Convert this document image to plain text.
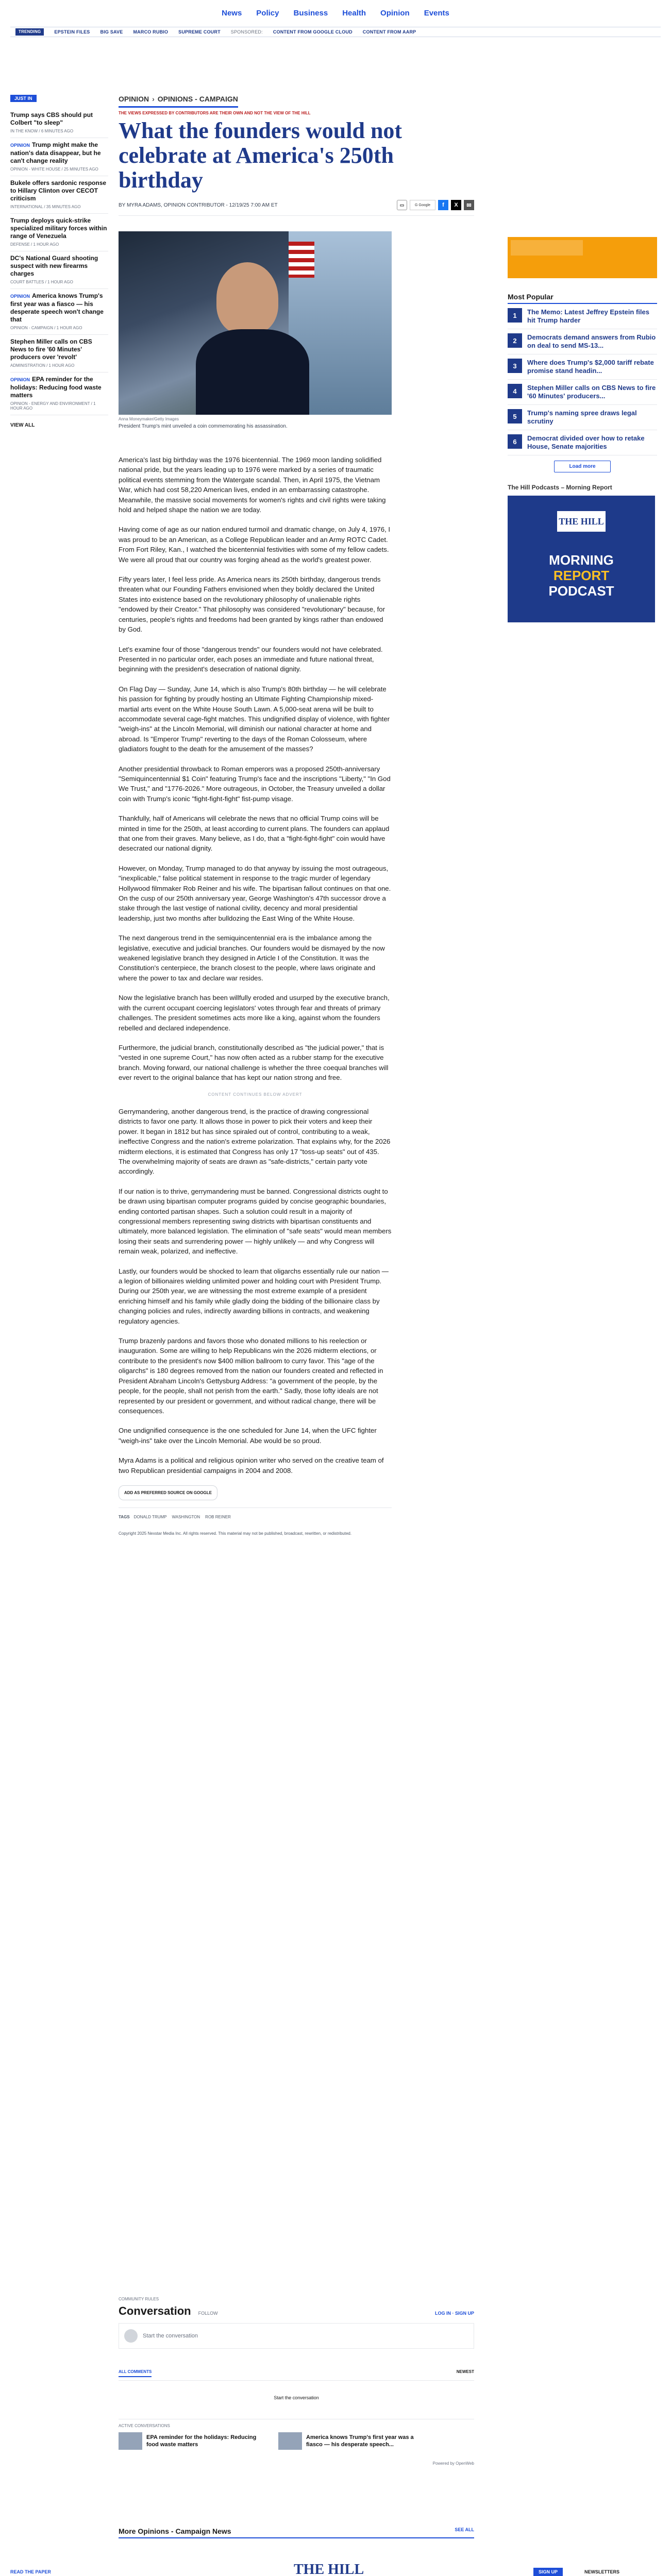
News Policy Business Health Opinion Events
TRENDING	EPSTEIN FILES BIG SAVE MARCO RUBIO SUPREME COURT SPONSORED: CONTENT FROM GOOGLE CLOUD CONTENT FROM AARP
JUST IN
Trump says CBS should put Colbert "to sleep"
IN THE KNOW / 6 MINUTES AGO
OPINION Trump might make the nation's data disappear, but he can't change reality
OPINION - WHITE HOUSE / 25 MINUTES AGO
Bukele offers sardonic response to Hillary Clinton over CECOT criticism
INTERNATIONAL / 35 MINUTES AGO
Trump deploys quick-strike specialized military forces within range of Venezuela
DEFENSE / 1 HOUR AGO
DC's National Guard shooting suspect with new firearms charges
COURT BATTLES / 1 HOUR AGO
OPINION America knows Trump's first year was a fiasco — his desperate speech won't change that
OPINION - CAMPAIGN / 1 HOUR AGO
Stephen Miller calls on CBS News to fire '60 Minutes' producers over 'revolt'
ADMINISTRATION / 1 HOUR AGO
OPINION EPA reminder for the holidays: Reducing food waste matters
OPINION - ENERGY AND ENVIRONMENT / 1 HOUR AGO
VIEW ALL
OPINION › OPINIONS - CAMPAIGN
THE VIEWS EXPRESSED BY CONTRIBUTORS ARE THEIR OWN AND NOT THE VIEW OF THE HILL
What the founders would not celebrate at America's 250th birthday
BY MYRA ADAMS, OPINION CONTRIBUTOR - 12/19/25 7:00 AM ET	▭	G Google	f	X	✉
Anna Moneymaker/Getty Images
President Trump's mint unveiled a coin commemorating his assassination.

America's last big birthday was the 1976 bicentennial. The 1969 moon landing solidified national pride, but the years leading up to 1976 were marked by a series of traumatic political events stemming from the Watergate scandal. Then, in April 1975, the Vietnam War, which had cost 58,220 American lives, ended in an embarrassing catastrophe. Meanwhile, the massive social movements for women's rights and civil rights were taking hold and helped shape the nation we are today.

Having come of age as our nation endured turmoil and dramatic change, on July 4, 1976, I was proud to be an American, as a College Republican leader and an Army ROTC Cadet. From Fort Riley, Kan., I watched the bicentennial festivities with some of my fellow cadets. We were all proud that our country was forging ahead as the world's greatest power.

Fifty years later, I feel less pride. As America nears its 250th birthday, dangerous trends threaten what our Founding Fathers envisioned when they boldly declared the United States into existence based on the revolutionary philosophy of unalienable rights "endowed by their Creator." That philosophy was considered "revolutionary" because, for centuries, people's rights and freedoms had been granted by kings rather than endowed by God.

Let's examine four of those "dangerous trends" our founders would not have celebrated. Presented in no particular order, each poses an immediate and future national threat, beginning with the president's desecration of national dignity.

On Flag Day — Sunday, June 14, which is also Trump's 80th birthday — he will celebrate his passion for fighting by proudly hosting an Ultimate Fighting Championship mixed-martial arts event on the White House South Lawn. A 5,000-seat arena will be built to accommodate several cage-fight matches. This undignified display of violence, with fighter "weigh-ins" at the Lincoln Memorial, will diminish our national character at home and abroad. Is "Emperor Trump" reverting to the days of the Roman Colosseum, where gladiators fought to the death for the amusement of the masses?

Another presidential throwback to Roman emperors was a proposed 250th-anniversary "Semiquincentennial $1 Coin" featuring Trump's face and the inscriptions "Liberty," "In God We Trust," and "1776-2026." More outrageous, in October, the Treasury unveiled a dollar coin with Trump's iconic "fight-fight-fight" fist-pump visage.

Thankfully, half of Americans will celebrate the news that no official Trump coins will be minted in time for the 250th, at least according to current plans. The founders can applaud that one from their graves. Many believe, as I do, that a "fight-fight-fight" coin would have desecrated our national dignity.

However, on Monday, Trump managed to do that anyway by issuing the most outrageous, "inexplicable," false political statement in response to the tragic murder of legendary Hollywood filmmaker Rob Reiner and his wife. The bipartisan fallout continues on that one. On the cusp of our 250th anniversary year, George Washington's 47th successor drove a stake through the last vestige of national civility, decency and moral presidential leadership, just two months after bulldozing the East Wing of the White House.

The next dangerous trend in the semiquincentennial era is the imbalance among the legislative, executive and judicial branches. Our founders would be dismayed by the now weakened legislative branch they designed in Article I of the Constitution. It was the Constitution's centerpiece, the branch closest to the people, where laws originate and where the power to tax and declare war resides.

Now the legislative branch has been willfully eroded and usurped by the executive branch, with the current occupant coercing legislators' votes through fear and threats of primary challenges. The president sometimes acts more like a king, against whom the founders rebelled and declared independence.

Furthermore, the judicial branch, constitutionally described as "the judicial power," that is "vested in one supreme Court," has now often acted as a rubber stamp for the executive branch. Moving forward, our national challenge is whether the three coequal branches will ever revert to the original balance that has kept our nation strong and free.

CONTENT CONTINUES BELOW ADVERT

Gerrymandering, another dangerous trend, is the practice of drawing congressional districts to favor one party. It allows those in power to pick their voters and keep their power. It began in 1812 but has since spiraled out of control, contributing to a weak, ineffective Congress and the nation's extreme polarization. That explains why, for the 2026 midterm elections, it is estimated that Congress has only 17 "toss-up seats" out of 435. The overwhelming majority of seats are drawn as "safe-districts," certain party vote accordingly.

If our nation is to thrive, gerrymandering must be banned. Congressional districts ought to be drawn using bipartisan computer programs guided by concise geographic boundaries, ending contorted partisan shapes. Such a solution could result in a majority of congressional members representing swing districts with bipartisan constituents and ultimately, more balanced legislation. The elimination of "safe seats" would mean members losing their seats and surrendering power — highly unlikely — and why Congress will remain weak, polarized, and ineffective.

Lastly, our founders would be shocked to learn that oligarchs essentially rule our nation — a legion of billionaires wielding unlimited power and holding court with President Trump. During our 250th year, we are witnessing the most extreme example of a president enriching himself and his family while gladly doing the bidding of the billionaire class by changing policies and rules, indirectly awarding billions in contracts, and weakening regulatory agencies.

Trump brazenly pardons and favors those who donated millions to his reelection or inauguration. Some are willing to help Republicans win the 2026 midterm elections, or contribute to the president's now $400 million ballroom to curry favor. This "age of the oligarchs" is 180 degrees removed from the nation our founders created and reflected in President Abraham Lincoln's Gettysburg Address: "a government of the people, by the people, for the people, shall not perish from the earth." Sadly, those lofty ideals are not represented by our president or government, and without radical change, there will be consequences.

One undignified consequence is the one scheduled for June 14, when the UFC fighter "weigh-ins" take over the Lincoln Memorial. Abe would be so proud.

Myra Adams is a political and religious opinion writer who served on the creative team of two Republican presidential campaigns in 2004 and 2008.

ADD AS PREFERRED SOURCE ON GOOGLE
TAGS DONALD TRUMP WASHINGTON ROB REINER
Copyright 2025 Nexstar Media Inc. All rights reserved. This material may not be published, broadcast, rewritten, or redistributed.
Most Popular
1	The Memo: Latest Jeffrey Epstein files hit Trump harder
2	Democrats demand answers from Rubio on deal to send MS-13...
3	Where does Trump's $2,000 tariff rebate promise stand headin...
4	Stephen Miller calls on CBS News to fire '60 Minutes' producers...
5	Trump's naming spree draws legal scrutiny
6	Democrat divided over how to retake House, Senate majorities
Load more
The Hill Podcasts – Morning Report
THE HILL
MORNING
REPORT
PODCAST
COMMUNITY RULES
Conversation FOLLOW	LOG IN · SIGN UP
Start the conversation
ALL COMMENTS	NEWEST
Start the conversation
ACTIVE CONVERSATIONS
EPA reminder for the holidays: Reducing food waste matters
America knows Trump's first year was a fiasco — his desperate speech...
Powered by OpenWeb
More Opinions - Campaign News	SEE ALL
READ THE PAPER	THE HILL	SIGN UP	NEWSLETTERS
